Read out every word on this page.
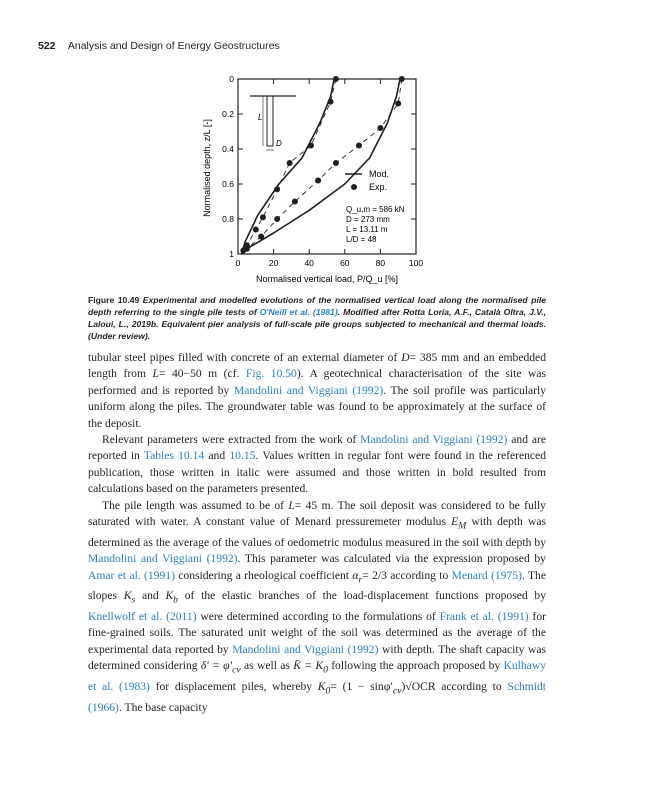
522 Analysis and Design of Energy Geostructures
L
D
0	20	40	60	80	100
0
0.2
0.4
0.6
0.8
1
Normalised vertical load, P/Q_u [%]
Normalised depth, z/L [-]	Mod.
Exp.
Q_u,m = 586 kN
D = 273 mm
L = 13.11 m
L/D = 48
Figure 10.49 Experimental and modelled evolutions of the normalised vertical load along the normalised pile depth referring to the single pile tests of O'Neill et al. (1981). Modified after Rotta Loria, A.F., Català Oltra, J.V., Laloui, L., 2019b. Equivalent pier analysis of full-scale pile groups subjected to mechanical and thermal loads. (Under review).

tubular steel pipes filled with concrete of an external diameter of D= 385 mm and an embedded length from L= 40−50 m (cf. Fig. 10.50). A geotechnical characterisation of the site was performed and is reported by Mandolini and Viggiani (1992). The soil profile was particularly uniform along the piles. The groundwater table was found to be approximately at the surface of the deposit.

Relevant parameters were extracted from the work of Mandolini and Viggiani (1992) and are reported in Tables 10.14 and 10.15. Values written in regular font were found in the referenced publication, those written in italic were assumed and those written in bold resulted from calculations based on the parameters presented.

The pile length was assumed to be of L= 45 m. The soil deposit was considered to be fully saturated with water. A constant value of Menard pressuremeter modulus $E_M$ with depth was determined as the average of the values of oedometric modulus measured in the soil with depth by Mandolini and Viggiani (1992). This parameter was calculated via the expression proposed by Amar et al. (1991) considering a rheological coefficient $\alpha_r= 2/3$ according to Menard (1975). The slopes $K_s$ and $K_b$ of the elastic branches of the load-displacement functions proposed by Knellwolf et al. (2011) were determined according to the formulations of Frank et al. (1991) for fine-grained soils. The saturated unit weight of the soil was determined as the average of the experimental data reported by Mandolini and Viggiani (1992) with depth. The shaft capacity was determined considering $\delta' = \varphi'_{cv}$ as well as K̄ = $K_0$ following the approach proposed by Kulhawy et al. (1983) for displacement piles, whereby $K_0= (1 - \sin\varphi'_{cv})√OCR$ according to Schmidt (1966). The base capacity
